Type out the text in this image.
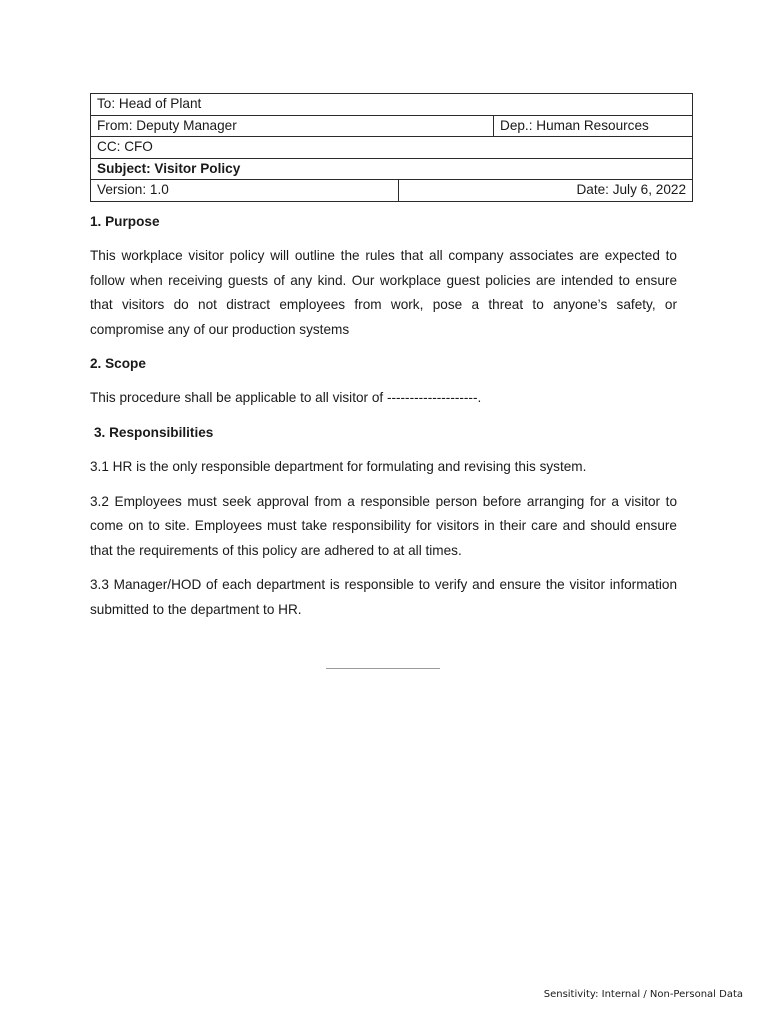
To: Head of Plant		
From: Deputy Manager		Dep.: Human Resources
CC: CFO		
Subject: Visitor Policy		
Version: 1.0	Date: July 6, 2022	

1. Purpose

This workplace visitor policy will outline the rules that all company associates are expected to follow when receiving guests of any kind. Our workplace guest policies are intended to ensure that visitors do not distract employees from work, pose a threat to anyone’s safety, or compromise any of our production systems

2. Scope

This procedure shall be applicable to all visitor of --------------------.

3. Responsibilities

3.1 HR is the only responsible department for formulating and revising this system.

3.2 Employees must seek approval from a responsible person before arranging for a visitor to come on to site. Employees must take responsibility for visitors in their care and should ensure that the requirements of this policy are adhered to at all times.

3.3 Manager/HOD of each department is responsible to verify and ensure the visitor information submitted to the department to HR.

Sensitivity: Internal / Non-Personal Data
